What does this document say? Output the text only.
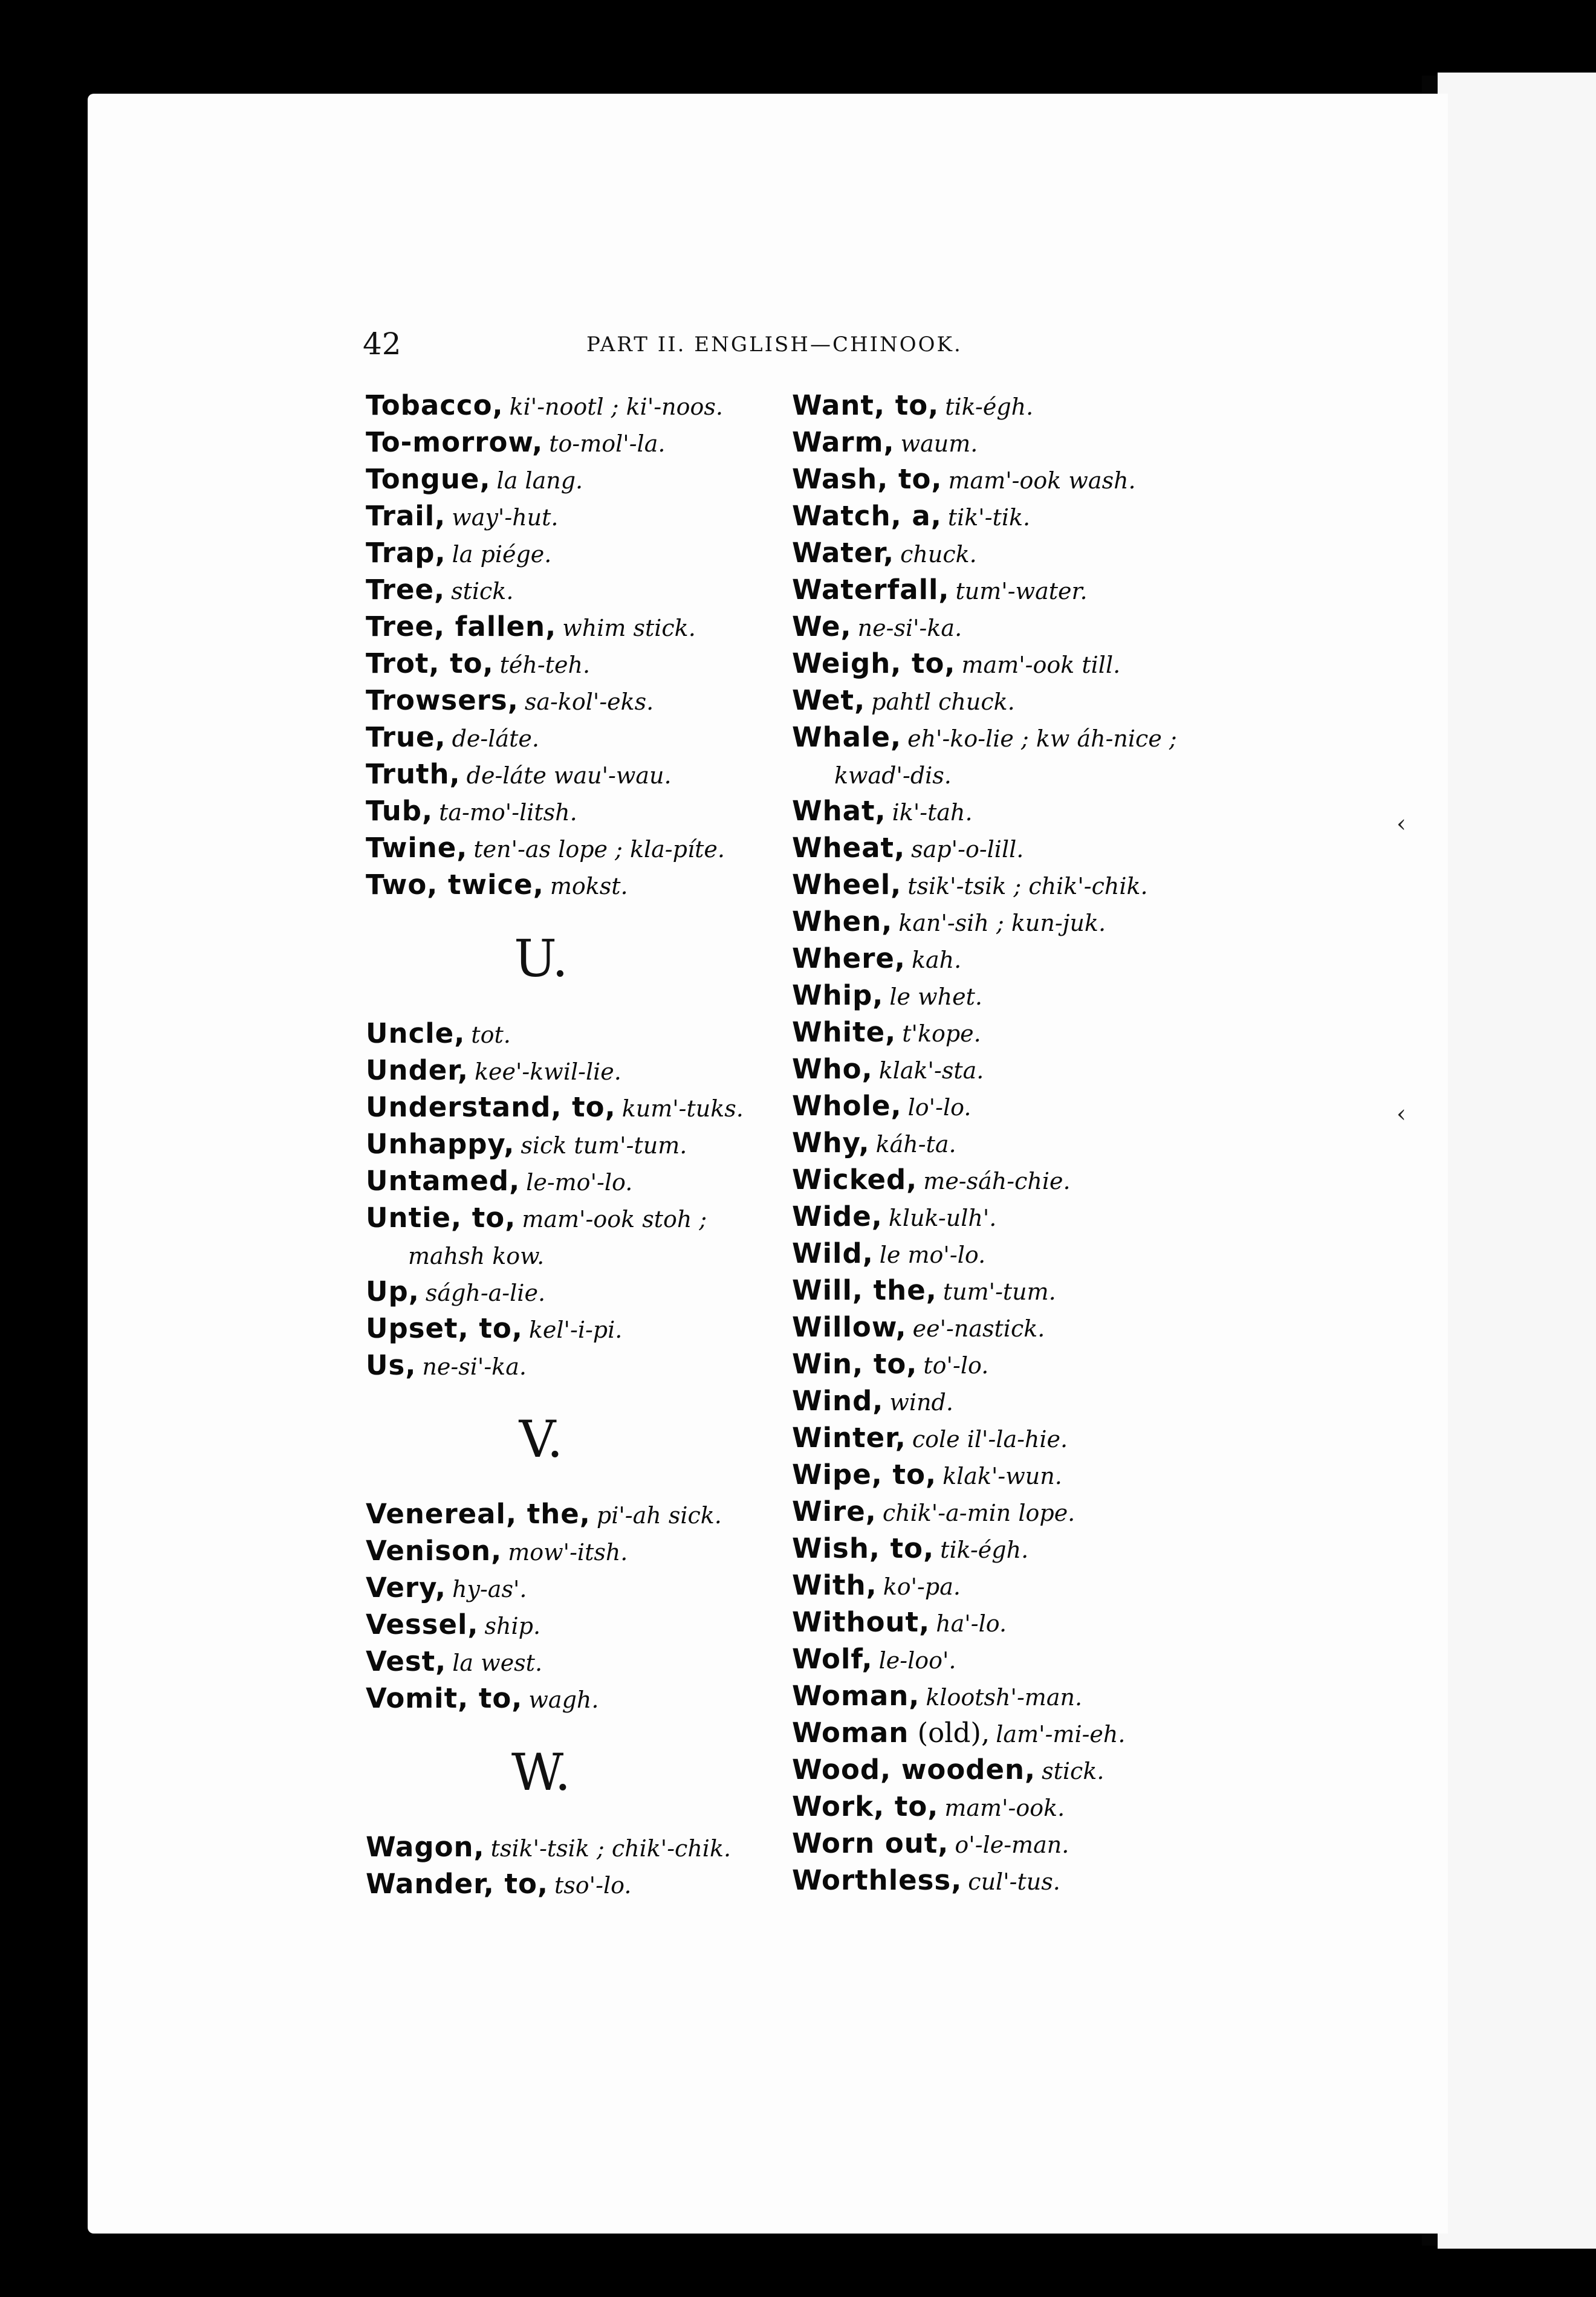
42	PART II. ENGLISH—CHINOOK.
Tobacco, ki'-nootl ; ki'-noos.
To-morrow, to-mol'-la.
Tongue, la lang.
Trail, way'-hut.
Trap, la piége.
Tree, stick.
Tree, fallen, whim stick.
Trot, to, téh-teh.
Trowsers, sa-kol'-eks.
True, de-láte.
Truth, de-láte wau'-wau.
Tub, ta-mo'-litsh.
Twine, ten'-as lope ; kla-píte.
Two, twice, mokst.
U.
Uncle, tot.
Under, kee'-kwil-lie.
Understand, to, kum'-tuks.
Unhappy, sick tum'-tum.
Untamed, le-mo'-lo.
Untie, to, mam'-ook stoh ;
mahsh kow.
Up, ságh-a-lie.
Upset, to, kel'-i-pi.
Us, ne-si'-ka.
V.
Venereal, the, pi'-ah sick.
Venison, mow'-itsh.
Very, hy-as'.
Vessel, ship.
Vest, la west.
Vomit, to, wagh.
W.
Wagon, tsik'-tsik ; chik'-chik.
Wander, to, tso'-lo.
Want, to, tik-égh.
Warm, waum.
Wash, to, mam'-ook wash.
Watch, a, tik'-tik.
Water, chuck.
Waterfall, tum'-water.
We, ne-si'-ka.
Weigh, to, mam'-ook till.
Wet, pahtl chuck.
Whale, eh'-ko-lie ; kw áh-nice ;
kwad'-dis.
What, ik'-tah.
Wheat, sap'-o-lill.
Wheel, tsik'-tsik ; chik'-chik.
When, kan'-sih ; kun-juk.
Where, kah.
Whip, le whet.
White, t'kope.
Who, klak'-sta.
Whole, lo'-lo.
Why, káh-ta.
Wicked, me-sáh-chie.
Wide, kluk-ulh'.
Wild, le mo'-lo.
Will, the, tum'-tum.
Willow, ee'-nastick.
Win, to, to'-lo.
Wind, wind.
Winter, cole il'-la-hie.
Wipe, to, klak'-wun.
Wire, chik'-a-min lope.
Wish, to, tik-égh.
With, ko'-pa.
Without, ha'-lo.
Wolf, le-loo'.
Woman, klootsh'-man.
Woman (old), lam'-mi-eh.
Wood, wooden, stick.
Work, to, mam'-ook.
Worn out, o'-le-man.
Worthless, cul'-tus.
‹
‹
